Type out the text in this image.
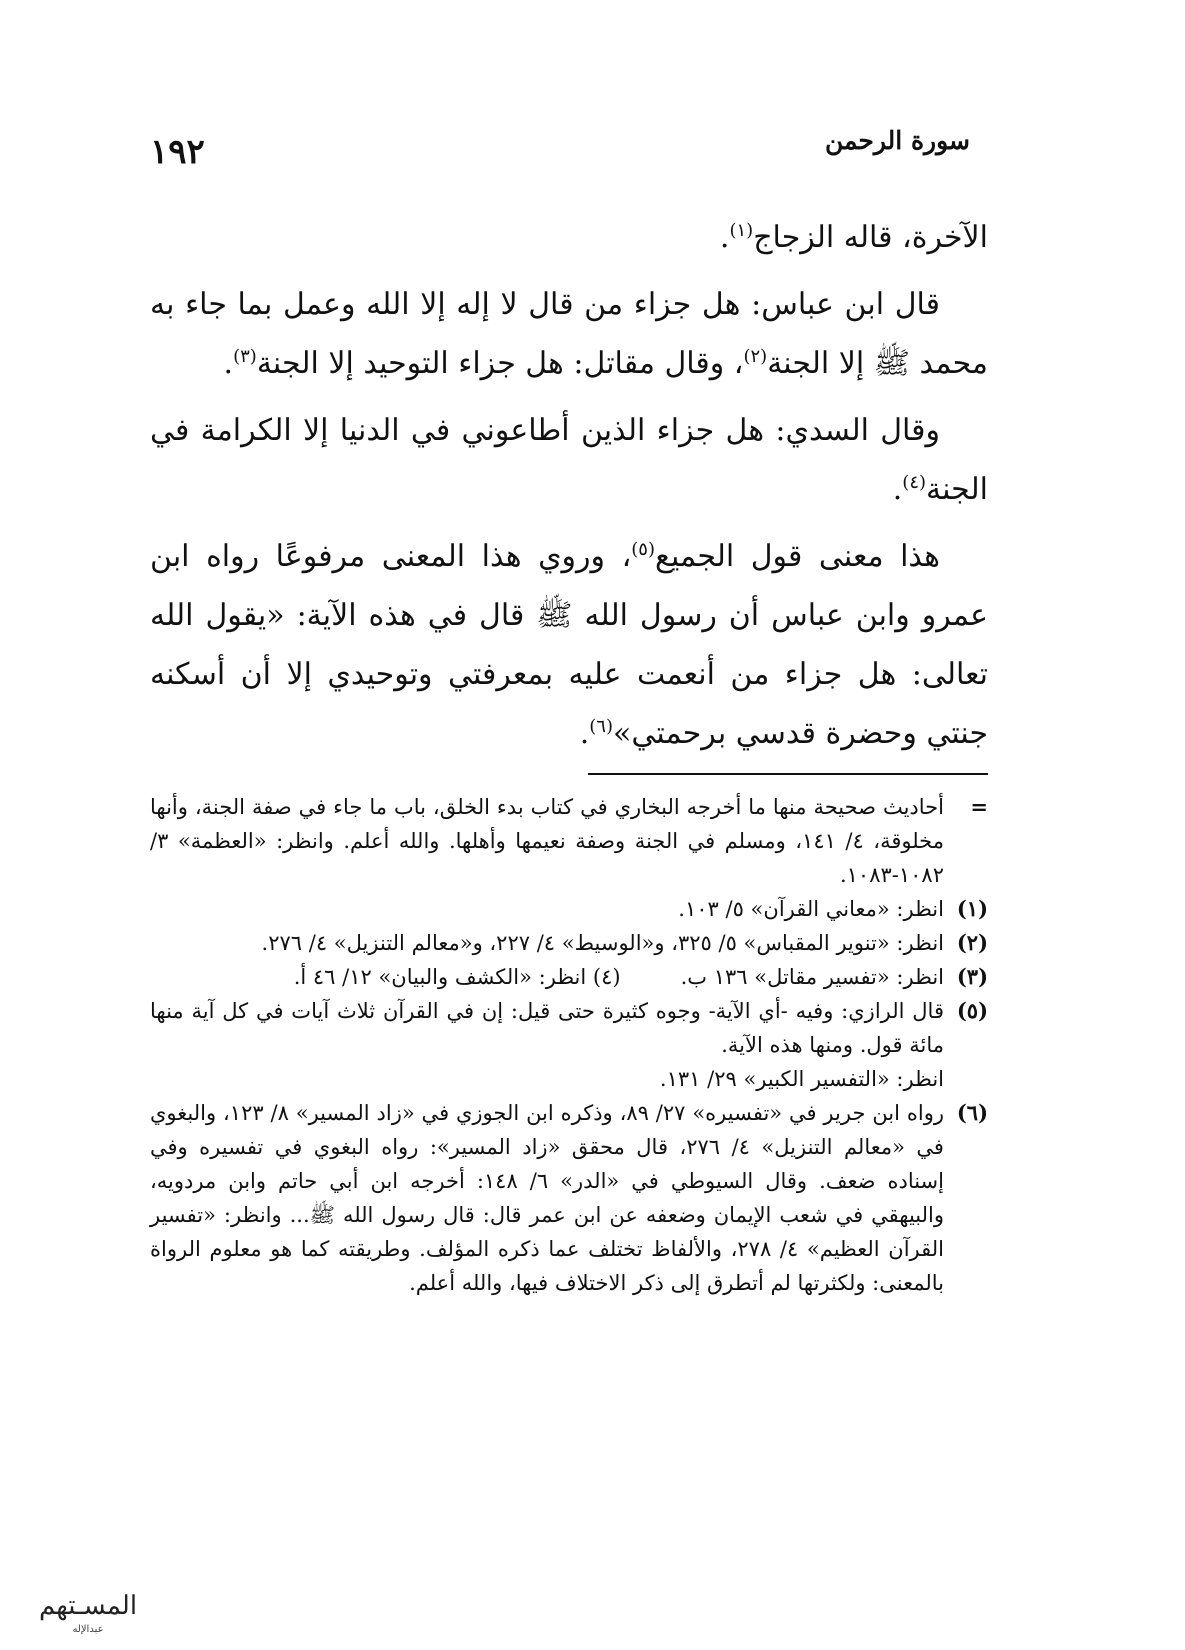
١٩٢	سورة الرحمن

الآخرة، قاله الزجاج$^{(١)}$.

قال ابن عباس: هل جزاء من قال لا إله إلا الله وعمل بما جاء به محمد ﷺ إلا الجنة$^{(٢)}$، وقال مقاتل: هل جزاء التوحيد إلا الجنة$^{(٣)}$.

وقال السدي: هل جزاء الذين أطاعوني في الدنيا إلا الكرامة في الجنة$^{(٤)}$.

هذا معنى قول الجميع$^{(٥)}$، وروي هذا المعنى مرفوعًا رواه ابن عمرو وابن عباس أن رسول الله ﷺ قال في هذه الآية: «يقول الله تعالى: هل جزاء من أنعمت عليه بمعرفتي وتوحيدي إلا أن أسكنه جنتي وحضرة قدسي برحمتي»$^{(٦)}$.

=
أحاديث صحيحة منها ما أخرجه البخاري في كتاب بدء الخلق، باب ما جاء في صفة الجنة، وأنها مخلوقة، ٤/ ١٤١، ومسلم في الجنة وصفة نعيمها وأهلها. والله أعلم. وانظر: «العظمة» ٣/ ١٠٨٢-١٠٨٣.
(١)
انظر: «معاني القرآن» ٥/ ١٠٣.
(٢)
انظر: «تنوير المقباس» ٥/ ٣٢٥، و«الوسيط» ٤/ ٢٢٧، و«معالم التنزيل» ٤/ ٢٧٦.
(٣)
انظر: «تفسير مقاتل» ١٣٦ ب.(٤) انظر: «الكشف والبيان» ١٢/ ٤٦ أ.
(٥)
قال الرازي: وفيه -أي الآية- وجوه كثيرة حتى قيل: إن في القرآن ثلاث آيات في كل آية منها مائة قول. ومنها هذه الآية.
انظر: «التفسير الكبير» ٢٩/ ١٣١.
(٦)
رواه ابن جرير في «تفسيره» ٢٧/ ٨٩، وذكره ابن الجوزي في «زاد المسير» ٨/ ١٢٣، والبغوي في «معالم التنزيل» ٤/ ٢٧٦، قال محقق «زاد المسير»: رواه البغوي في تفسيره وفي إسناده ضعف. وقال السيوطي في «الدر» ٦/ ١٤٨: أخرجه ابن أبي حاتم وابن مردويه، والبيهقي في شعب الإيمان وضعفه عن ابن عمر قال: قال رسول الله ﷺ... وانظر: «تفسير القرآن العظيم» ٤/ ٢٧٨، والألفاظ تختلف عما ذكره المؤلف. وطريقته كما هو معلوم الرواة بالمعنى: ولكثرتها لم أتطرق إلى ذكر الاختلاف فيها، والله أعلم.
المسـتهم
عبدالإله
